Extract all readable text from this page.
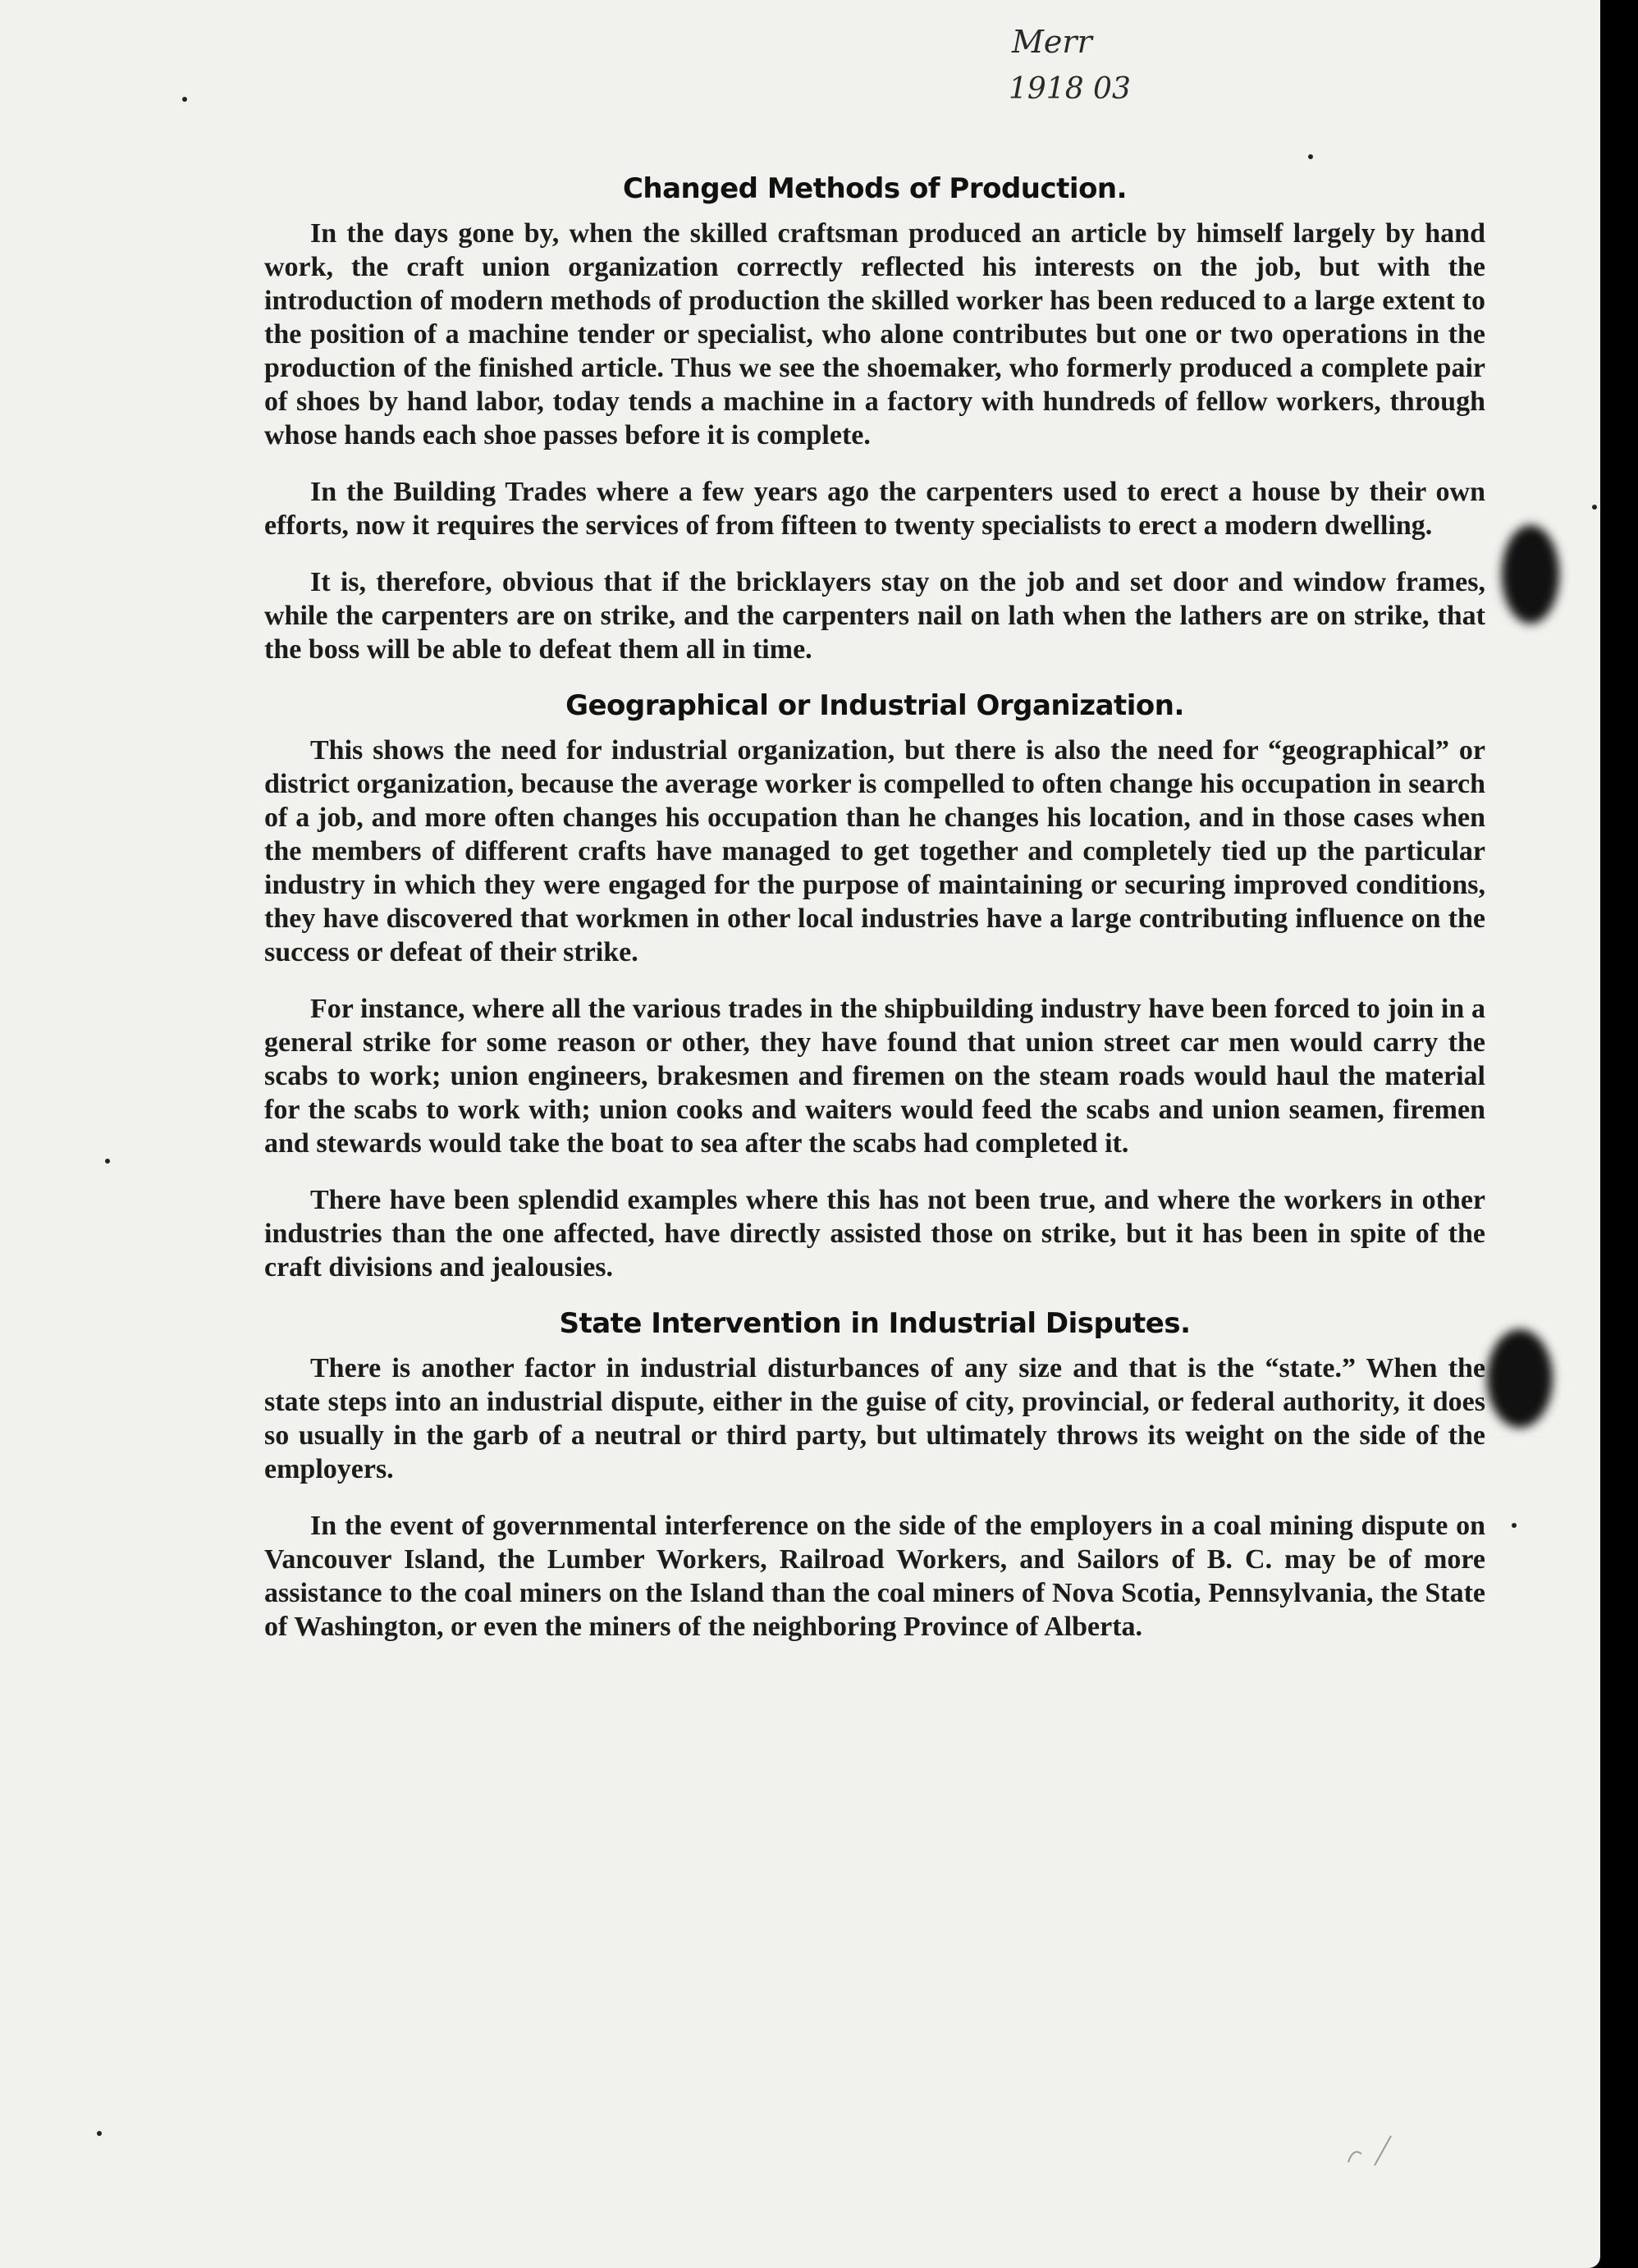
Merr
1918 03
Changed Methods of Production.

In the days gone by, when the skilled craftsman produced an article by himself largely by hand work, the craft union organization correctly reflected his interests on the job, but with the introduction of modern methods of production the skilled worker has been reduced to a large extent to the position of a machine tender or specialist, who alone contributes but one or two operations in the production of the finished article. Thus we see the shoemaker, who formerly produced a complete pair of shoes by hand labor, today tends a machine in a factory with hundreds of fellow workers, through whose hands each shoe passes before it is complete.

In the Building Trades where a few years ago the carpenters used to erect a house by their own efforts, now it requires the services of from fifteen to twenty specialists to erect a modern dwelling.

It is, therefore, obvious that if the bricklayers stay on the job and set door and window frames, while the carpenters are on strike, and the carpenters nail on lath when the lathers are on strike, that the boss will be able to defeat them all in time.

Geographical or Industrial Organization.

This shows the need for industrial organization, but there is also the need for “geographical” or district organization, because the average worker is compelled to often change his occupation in search of a job, and more often changes his occupation than he changes his location, and in those cases when the members of different crafts have managed to get together and completely tied up the particular industry in which they were engaged for the purpose of maintaining or securing improved conditions, they have discovered that workmen in other local industries have a large contributing influence on the success or defeat of their strike.

For instance, where all the various trades in the shipbuilding industry have been forced to join in a general strike for some reason or other, they have found that union street car men would carry the scabs to work; union engineers, brakesmen and firemen on the steam roads would haul the material for the scabs to work with; union cooks and waiters would feed the scabs and union seamen, firemen and stewards would take the boat to sea after the scabs had completed it.

There have been splendid examples where this has not been true, and where the workers in other industries than the one affected, have directly assisted those on strike, but it has been in spite of the craft divisions and jealousies.

State Intervention in Industrial Disputes.

There is another factor in industrial disturbances of any size and that is the “state.” When the state steps into an industrial dispute, either in the guise of city, provincial, or federal authority, it does so usually in the garb of a neutral or third party, but ultimately throws its weight on the side of the employers.

In the event of governmental interference on the side of the employers in a coal mining dispute on Vancouver Island, the Lumber Workers, Railroad Workers, and Sailors of B. C. may be of more assistance to the coal miners on the Island than the coal miners of Nova Scotia, Pennsylvania, the State of Washington, or even the miners of the neighboring Province of Alberta.
